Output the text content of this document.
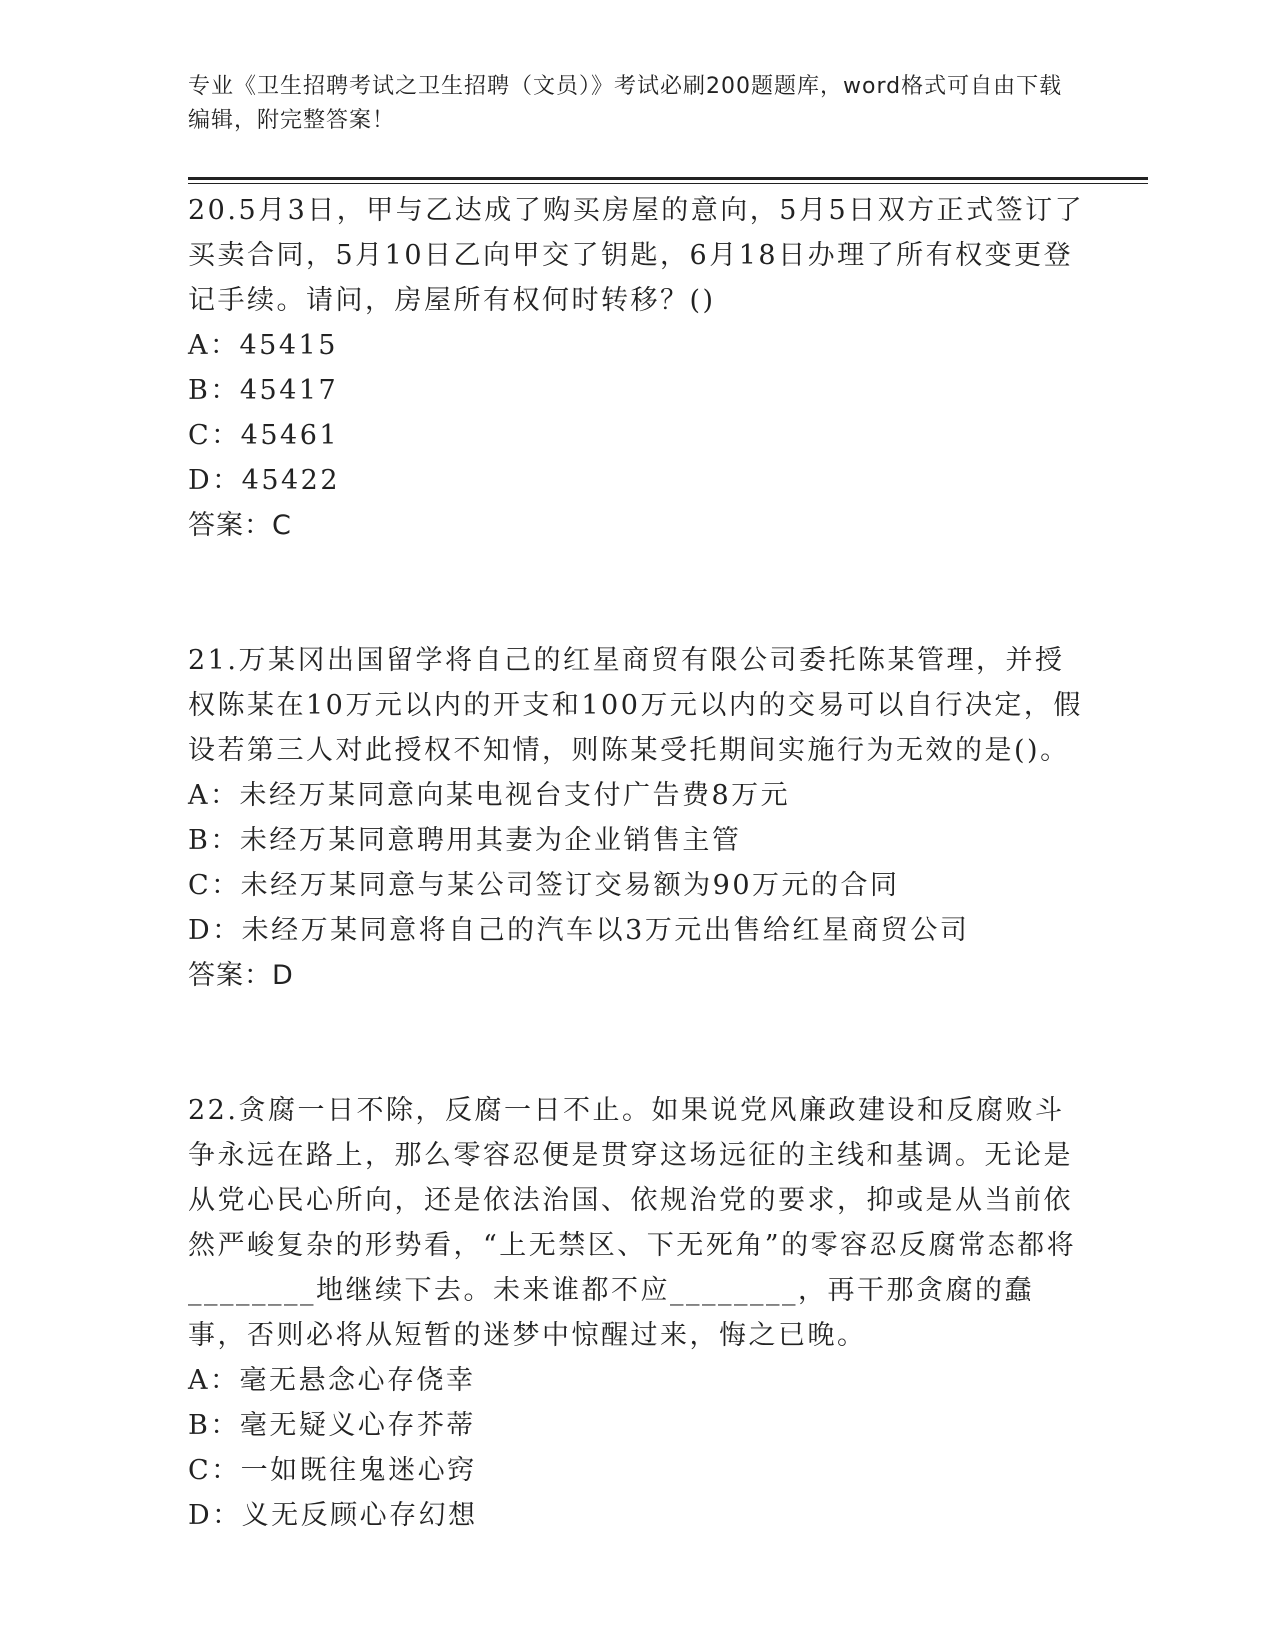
专业《卫生招聘考试之卫生招聘（文员）》考试必刷200题题库，word格式可自由下载编辑，附完整答案！

20.5月3日，甲与乙达成了购买房屋的意向，5月5日双方正式签订了买卖合同，5月10日乙向甲交了钥匙，6月18日办理了所有权变更登记手续。请问，房屋所有权何时转移？()

A：45415

B：45417

C：45461

D：45422

答案：C

21.万某冈出国留学将自己的红星商贸有限公司委托陈某管理，并授权陈某在10万元以内的开支和100万元以内的交易可以自行决定，假设若第三人对此授权不知情，则陈某受托期间实施行为无效的是()。

A：未经万某同意向某电视台支付广告费8万元

B：未经万某同意聘用其妻为企业销售主管

C：未经万某同意与某公司签订交易额为90万元的合同

D：未经万某同意将自己的汽车以3万元出售给红星商贸公司

答案：D

22.贪腐一日不除，反腐一日不止。如果说党风廉政建设和反腐败斗争永远在路上，那么零容忍便是贯穿这场远征的主线和基调。无论是从党心民心所向，还是依法治国、依规治党的要求，抑或是从当前依然严峻复杂的形势看，“上无禁区、下无死角”的零容忍反腐常态都将________地继续下去。未来谁都不应________，再干那贪腐的蠢事，否则必将从短暂的迷梦中惊醒过来，悔之已晚。

A：毫无悬念心存侥幸

B：毫无疑义心存芥蒂

C：一如既往鬼迷心窍

D：义无反顾心存幻想
